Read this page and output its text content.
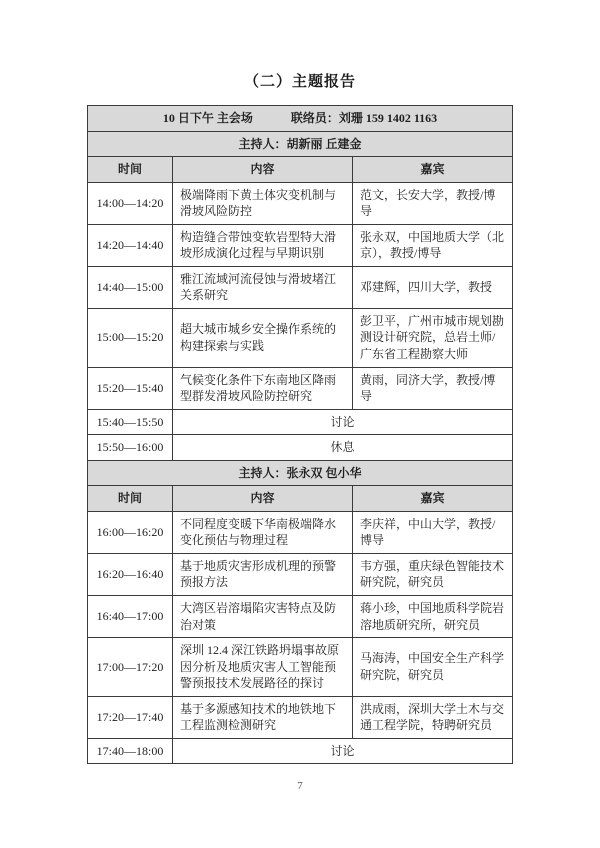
（二）主题报告
10 日下午 主会场 联络员：刘珊 159 1402 1163		

主持人：胡新丽 丘建金		
时间	内容	嘉宾
14:00—14:20	极端降雨下黄土体灾变机制与滑坡风险防控	范文，长安大学，教授/博导
14:20—14:40	构造缝合带蚀变软岩型特大滑坡形成演化过程与早期识别	张永双，中国地质大学（北京），教授/博导
14:40—15:00	雅江流域河流侵蚀与滑坡堵江关系研究	邓建辉，四川大学，教授
15:00—15:20	超大城市城乡安全操作系统的构建探索与实践	彭卫平，广州市城市规划勘测设计研究院，总岩土师/广东省工程勘察大师
15:20—15:40	气候变化条件下东南地区降雨型群发滑坡风险防控研究	黄雨，同济大学，教授/博导
15:40—15:50	讨论	
15:50—16:00	休息	
主持人：张永双 包小华		
时间	内容	嘉宾
16:00—16:20	不同程度变暖下华南极端降水变化预估与物理过程	李庆祥，中山大学，教授/博导
16:20—16:40	基于地质灾害形成机理的预警预报方法	韦方强，重庆绿色智能技术研究院，研究员
16:40—17:00	大湾区岩溶塌陷灾害特点及防治对策	蒋小珍，中国地质科学院岩溶地质研究所，研究员
17:00—17:20	深圳 12.4 深江铁路坍塌事故原因分析及地质灾害人工智能预警预报技术发展路径的探讨	马海涛，中国安全生产科学研究院，研究员
17:20—17:40	基于多源感知技术的地铁地下工程监测检测研究	洪成雨，深圳大学土木与交通工程学院，特聘研究员
17:40—18:00	讨论	
7
